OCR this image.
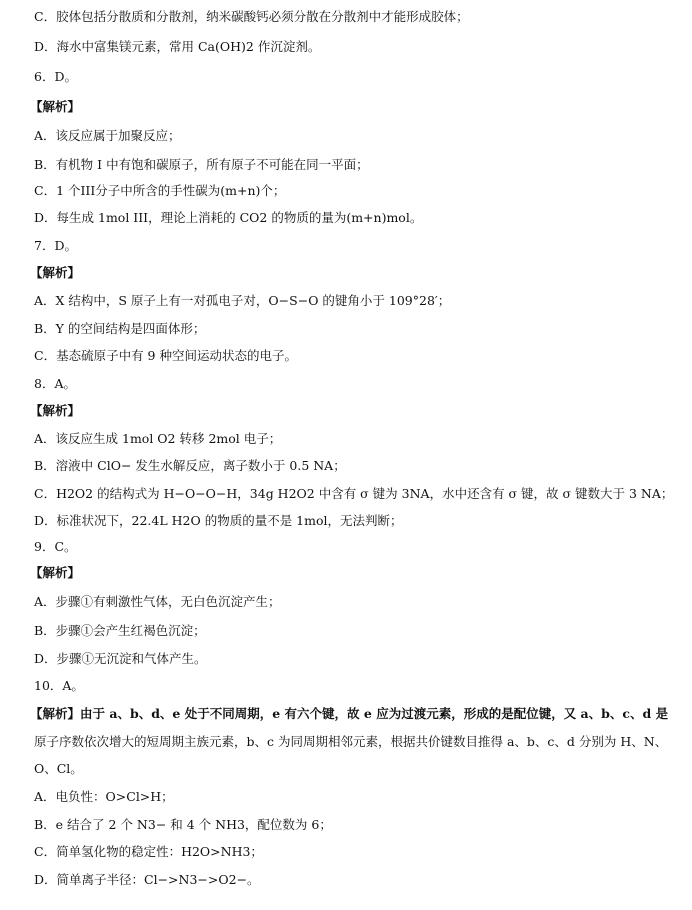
C．胶体包括分散质和分散剂，纳米碳酸钙必须分散在分散剂中才能形成胶体；
D．海水中富集镁元素，常用 Ca(OH)2 作沉淀剂。
6．D。
【解析】
A．该反应属于加聚反应；
B．有机物 I 中有饱和碳原子，所有原子不可能在同一平面；
C．1 个III分子中所含的手性碳为(m+n)个；
D．每生成 1mol III，理论上消耗的 CO2 的物质的量为(m+n)mol。
7．D。
【解析】
A．X 结构中，S 原子上有一对孤电子对，O−S−O 的键角小于 109°28′；
B．Y 的空间结构是四面体形；
C．基态硫原子中有 9 种空间运动状态的电子。
8．A。
【解析】
A．该反应生成 1mol O2 转移 2mol 电子；
B．溶液中 ClO− 发生水解反应，离子数小于 0.5 NA；
C．H2O2 的结构式为 H−O−O−H，34g H2O2 中含有 σ 键为 3NA，水中还含有 σ 键，故 σ 键数大于 3 NA；
D．标准状况下，22.4L H2O 的物质的量不是 1mol，无法判断；
9．C。
【解析】
A．步骤①有刺激性气体，无白色沉淀产生；
B．步骤①会产生红褐色沉淀；
D．步骤①无沉淀和气体产生。
10．A。
【解析】由于 a、b、d、e 处于不同周期，e 有六个键，故 e 应为过渡元素，形成的是配位键，又 a、b、c、d 是
原子序数依次增大的短周期主族元素，b、c 为同周期相邻元素，根据共价键数目推得 a、b、c、d 分别为 H、N、
O、Cl。
A．电负性：O>Cl>H；
B．e 结合了 2 个 N3− 和 4 个 NH3，配位数为 6；
C．简单氢化物的稳定性：H2O>NH3；
D．简单离子半径：Cl−>N3−>O2−。
